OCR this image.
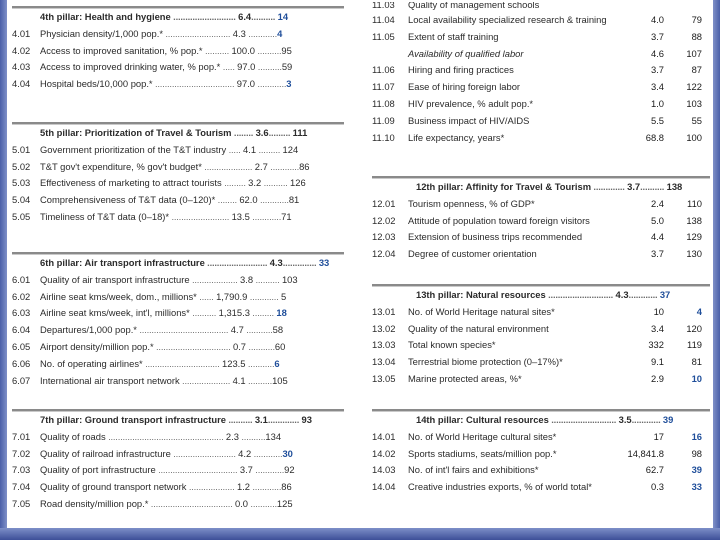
4th pillar: Health and hygiene .......................... 6.4.......... 14
4.01	Physician density/1,000 pop.* ........................... 4.3 ............4
4.02	Access to improved sanitation, % pop.* .......... 100.0 ..........95
4.03	Access to improved drinking water, % pop.* ..... 97.0 ..........59
4.04	Hospital beds/10,000 pop.* ................................. 97.0 ............3
5th pillar: Prioritization of Travel & Tourism ........ 3.6......... 111
5.01	Government prioritization of the T&T industry ..... 4.1 ......... 124
5.02	T&T gov't expenditure, % gov't budget* .................... 2.7 ............86
5.03	Effectiveness of marketing to attract tourists ......... 3.2 .......... 126
5.04	Comprehensiveness of T&T data (0–120)* ........ 62.0 ............81
5.05	Timeliness of T&T data (0–18)* ........................ 13.5 ............71
6th pillar: Air transport infrastructure ......................... 4.3.............. 33
6.01	Quality of air transport infrastructure ................... 3.8 .......... 103
6.02	Airline seat kms/week, dom., millions* ...... 1,790.9 ............ 5
6.03	Airline seat kms/week, int'l, millions* .......... 1,315.3 ......... 18
6.04	Departures/1,000 pop.* ..................................... 4.7 ...........58
6.05	Airport density/million pop.* ............................... 0.7 ...........60
6.06	No. of operating airlines* ............................... 123.5 ...........6
6.07	International air transport network .................... 4.1 ..........105
7th pillar: Ground transport infrastructure .......... 3.1............. 93
7.01	Quality of roads ................................................ 2.3 ..........134
7.02	Quality of railroad infrastructure .......................... 4.2 ............30
7.03	Quality of port infrastructure ................................. 3.7 ............92
7.04	Quality of ground transport network ................... 1.2 ............86
7.05	Road density/million pop.* .................................. 0.0 ...........125
11.03	Quality of management schools
11.04	Local availability specialized research & training	4.0	79
11.05	Extent of staff training	3.7	88
Availability of qualified labor	4.6	107
11.06	Hiring and firing practices	3.7	87
11.07	Ease of hiring foreign labor	3.4	122
11.08	HIV prevalence, % adult pop.*	1.0	103
11.09	Business impact of HIV/AIDS	5.5	55
11.10	Life expectancy, years*	68.8	100
12th pillar: Affinity for Travel & Tourism ............. 3.7.......... 138
12.01	Tourism openness, % of GDP*	2.4	110
12.02	Attitude of population toward foreign visitors	5.0	138
12.03	Extension of business trips recommended	4.4	129
12.04	Degree of customer orientation	3.7	130
13th pillar: Natural resources ........................... 4.3............ 37
13.01	No. of World Heritage natural sites*	10	4
13.02	Quality of the natural environment	3.4	120
13.03	Total known species*	332	119
13.04	Terrestrial biome protection (0–17%)*	9.1	81
13.05	Marine protected areas, %*	2.9	10
14th pillar: Cultural resources ........................... 3.5............ 39
14.01	No. of World Heritage cultural sites*	17	16
14.02	Sports stadiums, seats/million pop.*	14,841.8	98
14.03	No. of int'l fairs and exhibitions*	62.7	39
14.04	Creative industries exports, % of world total*	0.3	33
